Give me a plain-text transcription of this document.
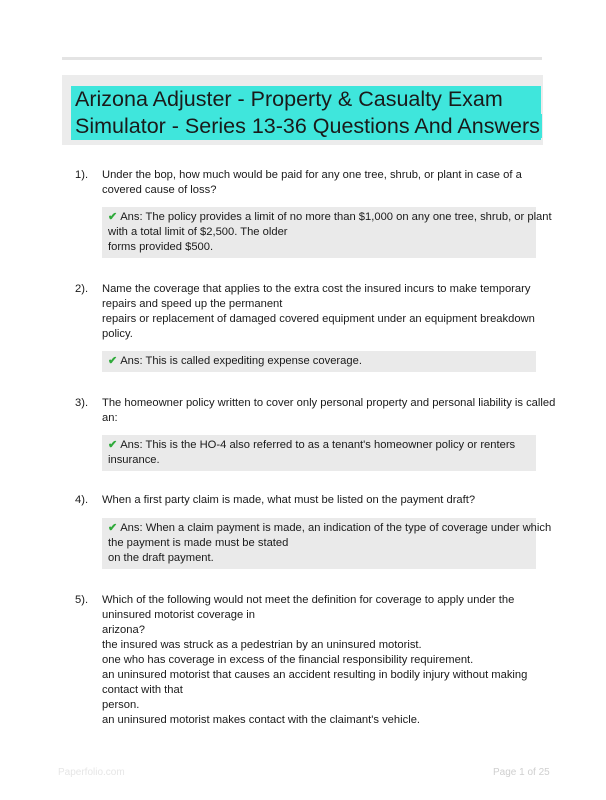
Arizona Adjuster - Property & Casualty Exam
Simulator - Series 13-36 Questions And Answers
1). Under the bop, how much would be paid for any one tree, shrub, or plant in case of a
covered cause of loss?
✔ Ans: The policy provides a limit of no more than $1,000 on any one tree, shrub, or plant
with a total limit of $2,500. The older
forms provided $500.
2). Name the coverage that applies to the extra cost the insured incurs to make temporary
repairs and speed up the permanent
repairs or replacement of damaged covered equipment under an equipment breakdown
policy.
✔ Ans: This is called expediting expense coverage.
3). The homeowner policy written to cover only personal property and personal liability is called
an:
✔ Ans: This is the HO-4 also referred to as a tenant's homeowner policy or renters
insurance.
4). When a first party claim is made, what must be listed on the payment draft?
✔ Ans: When a claim payment is made, an indication of the type of coverage under which
the payment is made must be stated
on the draft payment.
5). Which of the following would not meet the definition for coverage to apply under the
uninsured motorist coverage in
arizona?
the insured was struck as a pedestrian by an uninsured motorist.
one who has coverage in excess of the financial responsibility requirement.
an uninsured motorist that causes an accident resulting in bodily injury without making
contact with that
person.
an uninsured motorist makes contact with the claimant's vehicle.
Paperfolio.com	Page 1 of 25
